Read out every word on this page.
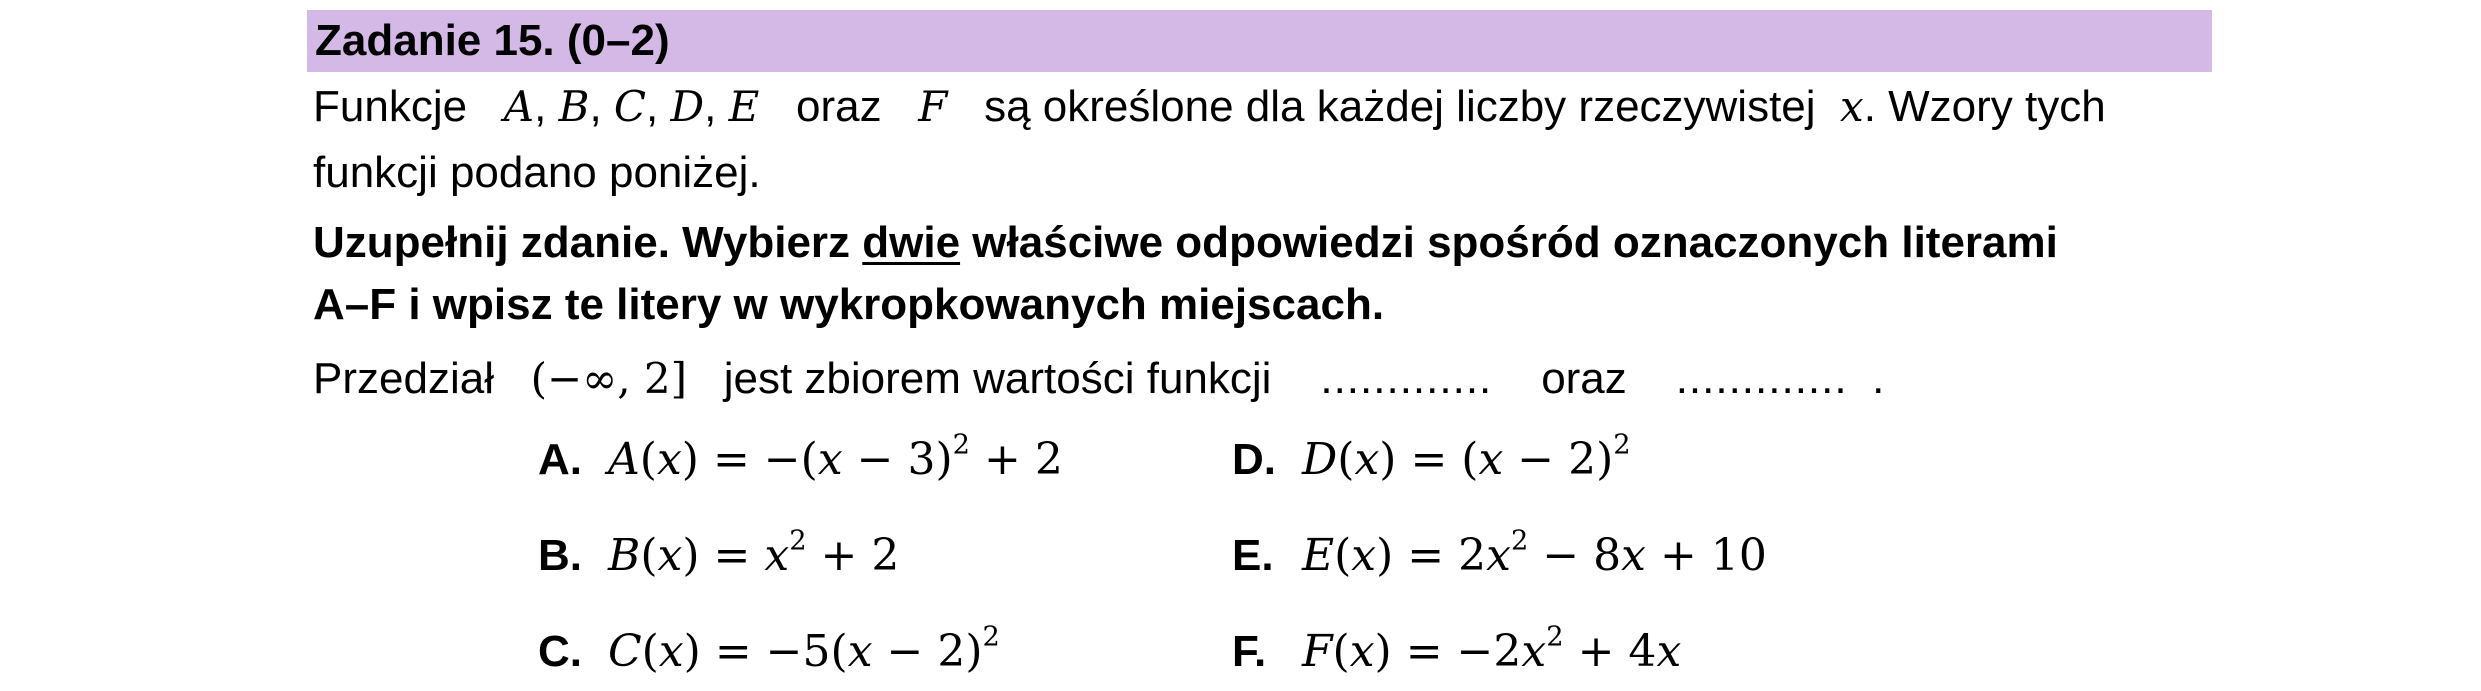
Zadanie 15. (0–2)
Funkcje A, B, C, D, E oraz F są określone dla każdej liczby rzeczywistej x. Wzory tych
funkcji podano poniżej.
Uzupełnij zdanie. Wybierz dwie właściwe odpowiedzi spośród oznaczonych literami
A–F i wpisz te litery w wykropkowanych miejscach.
Przedział (−∞, 2] jest zbiorem wartości funkcji ............. oraz ............. .
A. $A(x) = -(x - 3)^2 + 2$
B. $B(x) = x^2 + 2$
C. $C(x) = -5(x - 2)^2$
D. $D(x) = (x - 2)^2$
E. $E(x) = 2x^2 - 8x + 10$
F. $F(x) = -2x^2 + 4x$
